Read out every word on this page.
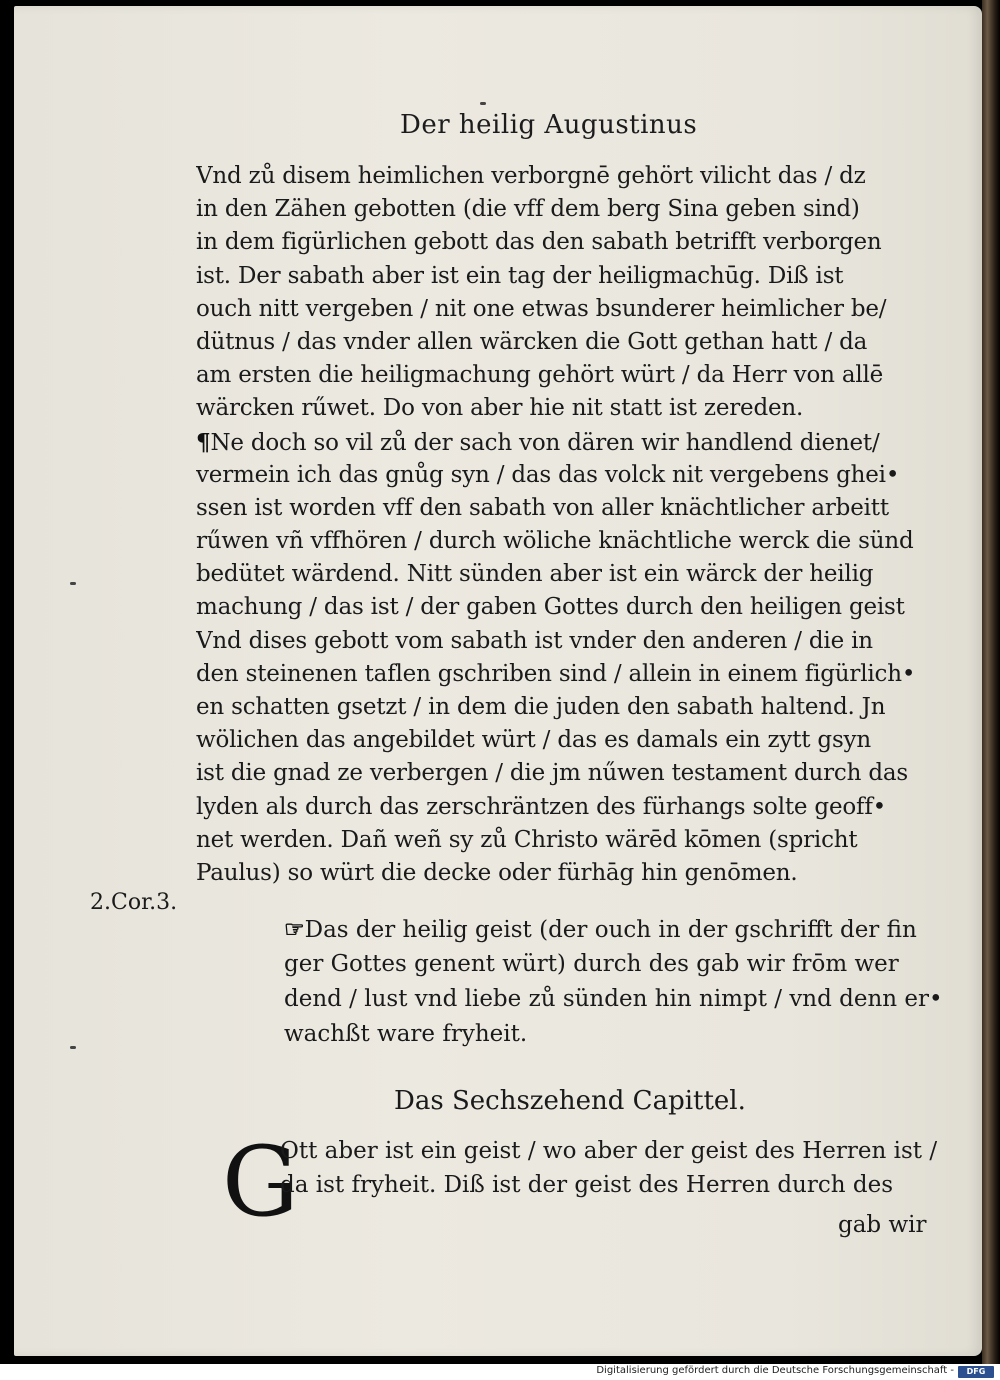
Der heilig Augustinus
Vnd zů disem heimlichen verborgnē gehört vilicht das / dz
in den Zähen gebotten (die vff dem berg Sina geben sind)
in dem figürlichen gebott das den sabath betrifft verborgen
ist. Der sabath aber ist ein tag der heiligmachūg. Diß ist
ouch nitt vergeben / nit one etwas bsunderer heimlicher be/
dütnus / das vnder allen wärcken die Gott gethan hatt / da
am ersten die heiligmachung gehört würt / da Herr von allē
wärcken rűwet. Do von aber hie nit statt ist zereden.
¶Ne doch so vil zů der sach von dären wir handlend dienet/
vermein ich das gnůg syn / das das volck nit vergebens ghei•
ssen ist worden vff den sabath von aller knächtlicher arbeitt
rűwen vñ vffhören / durch wöliche knächtliche werck die sünd
bedütet wärdend. Nitt sünden aber ist ein wärck der heilig
machung / das ist / der gaben Gottes durch den heiligen geist
Vnd dises gebott vom sabath ist vnder den anderen / die in
den steinenen taflen gschriben sind / allein in einem figürlich•
en schatten gsetzt / in dem die juden den sabath haltend. Jn
wölichen das angebildet würt / das es damals ein zytt gsyn
ist die gnad ze verbergen / die jm nűwen testament durch das
lyden als durch das zerschräntzen des fürhangs solte geoff•
net werden. Dañ weñ sy zů Christo wärēd kōmen (spricht
Paulus) so würt die decke oder fürhāg hin genōmen.
2.Cor.3.
☞Das der heilig geist (der ouch in der gschrifft der fin
ger Gottes genent würt) durch des gab wir frōm wer
dend / lust vnd liebe zů sünden hin nimpt / vnd denn er•
wachßt ware fryheit.
Das Sechszehend Capittel.
G
Ott aber ist ein geist / wo aber der geist des Herren ist /
da ist fryheit. Diß ist der geist des Herren durch des
gab wir
Digitalisierung gefördert durch die Deutsche Forschungsgemeinschaft -	DFG
